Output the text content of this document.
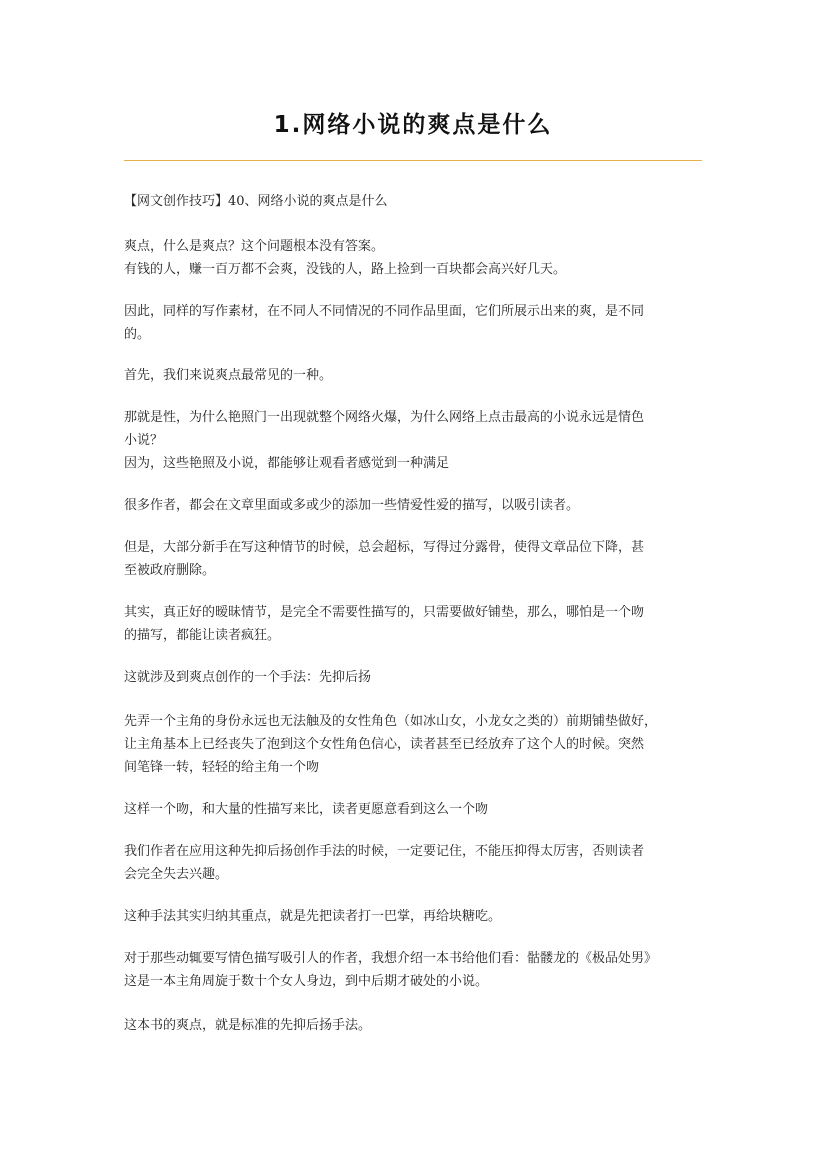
1.网络小说的爽点是什么

【网文创作技巧】40、网络小说的爽点是什么

爽点，什么是爽点？这个问题根本没有答案。

有钱的人，赚一百万都不会爽，没钱的人，路上捡到一百块都会高兴好几天。

因此，同样的写作素材，在不同人不同情况的不同作品里面，它们所展示出来的爽，是不同

的。

首先，我们来说爽点最常见的一种。

那就是性，为什么艳照门一出现就整个网络火爆，为什么网络上点击最高的小说永远是情色

小说？

因为，这些艳照及小说，都能够让观看者感觉到一种满足

很多作者，都会在文章里面或多或少的添加一些情爱性爱的描写，以吸引读者。

但是，大部分新手在写这种情节的时候，总会超标，写得过分露骨，使得文章品位下降，甚

至被政府删除。

其实，真正好的暧昧情节，是完全不需要性描写的，只需要做好铺垫，那么，哪怕是一个吻

的描写，都能让读者疯狂。

这就涉及到爽点创作的一个手法：先抑后扬

先弄一个主角的身份永远也无法触及的女性角色（如冰山女，小龙女之类的）前期铺垫做好，

让主角基本上已经丧失了泡到这个女性角色信心，读者甚至已经放弃了这个人的时候。突然

间笔锋一转，轻轻的给主角一个吻

这样一个吻，和大量的性描写来比，读者更愿意看到这么一个吻

我们作者在应用这种先抑后扬创作手法的时候，一定要记住，不能压抑得太厉害，否则读者

会完全失去兴趣。

这种手法其实归纳其重点，就是先把读者打一巴掌，再给块糖吃。

对于那些动辄要写情色描写吸引人的作者，我想介绍一本书给他们看：骷髅龙的《极品处男》

这是一本主角周旋于数十个女人身边，到中后期才破处的小说。

这本书的爽点，就是标准的先抑后扬手法。
